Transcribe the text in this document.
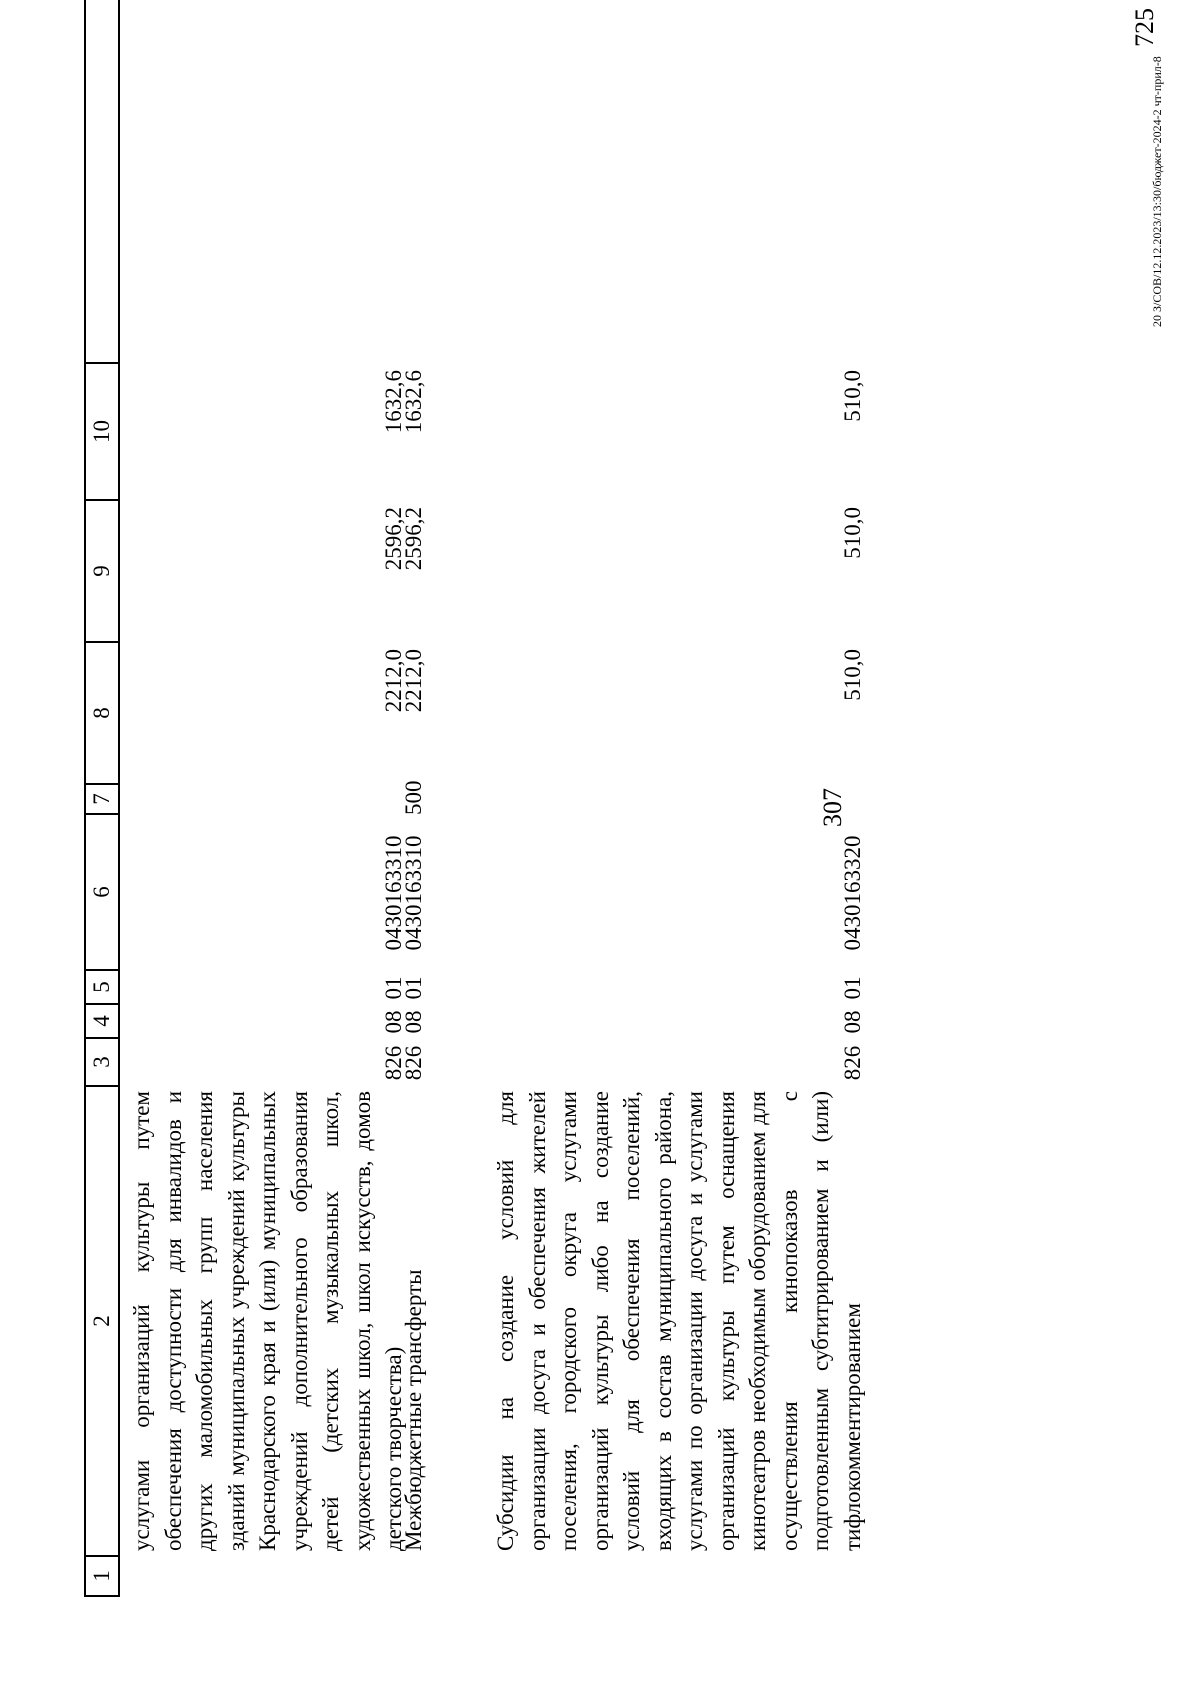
307
1
2
3
4
5
6
7
8
9
10
услугами организаций культуры путем обеспечения доступности для инвалидов и других маломобильных групп населения зданий муниципальных учреждений культуры Краснодарского края и (или) муниципальных учреждений дополнительного образования детей (детских музыкальных школ, художественных школ, школ искусств, домов детского творчества)
826
08
01
0430163310
2212,0
2596,2
1632,6
Межбюджетные трансферты
826
08
01
0430163310
500
2212,0
2596,2
1632,6
Субсидии на создание условий для организации досуга и обеспечения жителей поселения, городского округа услугами организаций культуры либо на создание условий для обеспечения поселений, входящих в состав муниципального района, услугами по организации досуга и услугами организаций культуры путем оснащения кинотеатров необходимым оборудованием для осуществления кинопоказов с подготовленным субтитрированием и (или) тифлокомментированием
826
08
01
0430163320
510,0
510,0
510,0
20 З/СОВ/12.12.2023/13:30/бюджет-2024-2 чт-прил-8
725
